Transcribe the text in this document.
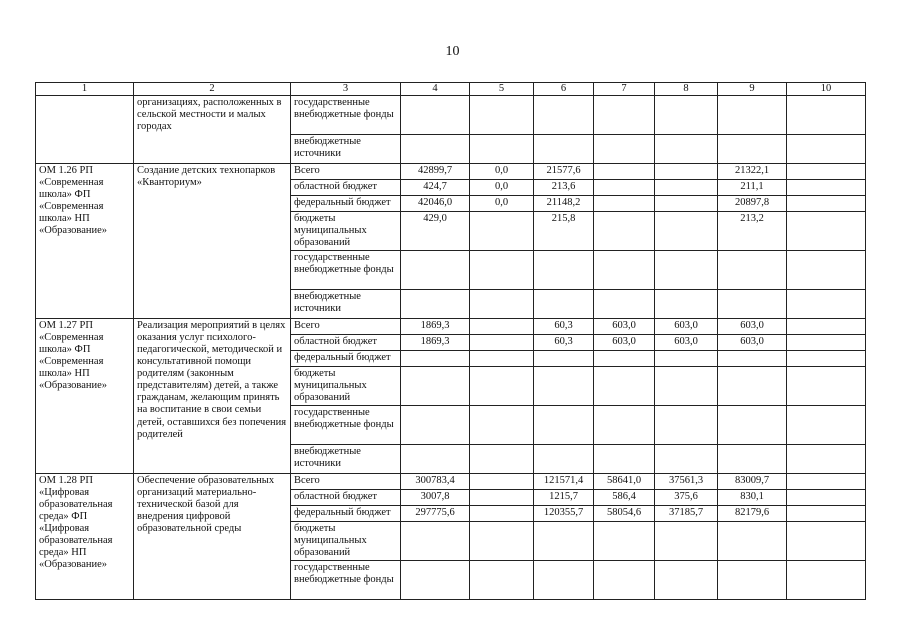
10
1	2	3	4	5	6	7	8	9	10
	организациях, расположенных в сельской местности и малых городах	государственные внебюджетные фонды							
		внебюджетные источники							
ОМ 1.26 РП «Современная школа» ФП «Современная школа» НП «Образование»	Создание детских технопарков «Кванториум»	Всего	42899,7	0,0	21577,6			21322,1	
		областной бюджет	424,7	0,0	213,6			211,1	
		федеральный бюджет	42046,0	0,0	21148,2			20897,8	
		бюджеты муниципальных образований	429,0		215,8			213,2	
		государственные внебюджетные фонды							
		внебюджетные источники							
ОМ 1.27 РП «Современная школа» ФП «Современная школа» НП «Образование»	Реализация мероприятий в целях оказания услуг психолого-педагогической, методической и консультативной помощи родителям (законным представителям) детей, а также гражданам, желающим принять на воспитание в свои семьи детей, оставшихся без попечения родителей	Всего	1869,3		60,3	603,0	603,0	603,0	
		областной бюджет	1869,3		60,3	603,0	603,0	603,0	
		федеральный бюджет							
		бюджеты муниципальных образований							
		государственные внебюджетные фонды							
		внебюджетные источники							
ОМ 1.28 РП «Цифровая образовательная среда» ФП «Цифровая образовательная среда» НП «Образование»	Обеспечение образовательных организаций материально-технической базой для внедрения цифровой образовательной среды	Всего	300783,4		121571,4	58641,0	37561,3	83009,7	
		областной бюджет	3007,8		1215,7	586,4	375,6	830,1	
		федеральный бюджет	297775,6		120355,7	58054,6	37185,7	82179,6	
		бюджеты муниципальных образований							
		государственные внебюджетные фонды							
